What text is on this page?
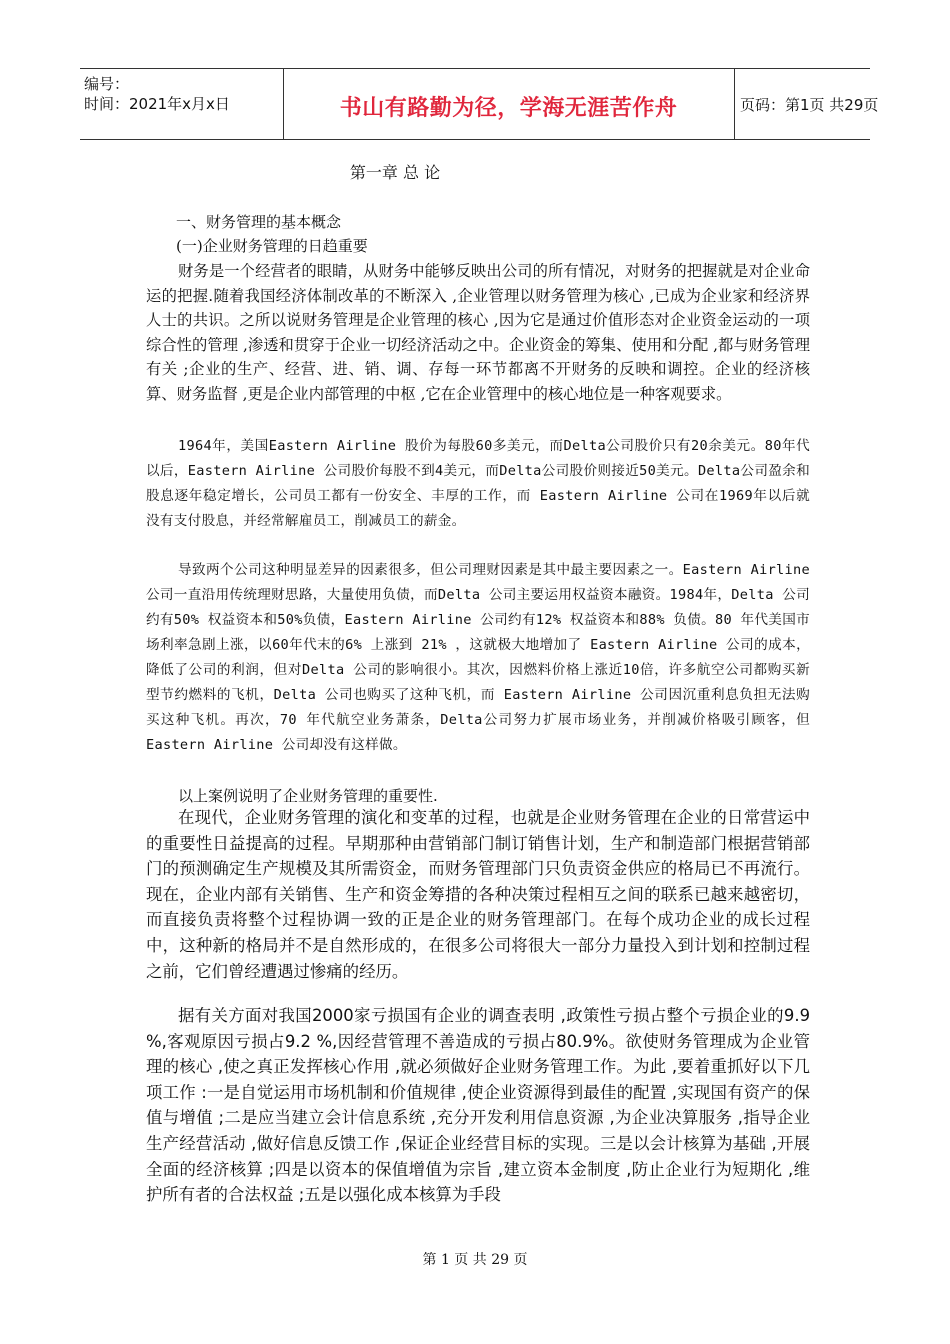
编号：
时间：2021年x月x日	书山有路勤为径，学海无涯苦作舟	页码：第1页 共29页
第一章 总 论
一、财务管理的基本概念
(一)企业财务管理的日趋重要
财务是一个经营者的眼睛，从财务中能够反映出公司的所有情况，对财务的把握就是对企业命运的把握.随着我国经济体制改革的不断深入 ,企业管理以财务管理为核心 ,已成为企业家和经济界人士的共识。之所以说财务管理是企业管理的核心 ,因为它是通过价值形态对企业资金运动的一项综合性的管理 ,渗透和贯穿于企业一切经济活动之中。企业资金的筹集、使用和分配 ,都与财务管理有关 ;企业的生产、经营、进、销、调、存每一环节都离不开财务的反映和调控。企业的经济核算、财务监督 ,更是企业内部管理的中枢 ,它在企业管理中的核心地位是一种客观要求。
1964年，美国Eastern Airline 股价为每股60多美元，而Delta公司股价只有20余美元。80年代以后，Eastern Airline 公司股价每股不到4美元，而Delta公司股价则接近50美元。Delta公司盈余和股息逐年稳定增长，公司员工都有一份安全、丰厚的工作，而 Eastern Airline 公司在1969年以后就没有支付股息，并经常解雇员工，削减员工的薪金。
导致两个公司这种明显差异的因素很多，但公司理财因素是其中最主要因素之一。Eastern Airline 公司一直沿用传统理财思路，大量使用负债，而Delta 公司主要运用权益资本融资。1984年，Delta 公司约有50% 权益资本和50%负债，Eastern Airline 公司约有12% 权益资本和88% 负债。80 年代美国市场利率急剧上涨，以60年代末的6% 上涨到 21% ，这就极大地增加了 Eastern Airline 公司的成本，降低了公司的利润，但对Delta 公司的影响很小。其次，因燃料价格上涨近10倍，许多航空公司都购买新型节约燃料的飞机，Delta 公司也购买了这种飞机，而 Eastern Airline 公司因沉重利息负担无法购买这种飞机。再次，70 年代航空业务萧条，Delta公司努力扩展市场业务，并削减价格吸引顾客，但 Eastern Airline 公司却没有这样做。
以上案例说明了企业财务管理的重要性.
在现代，企业财务管理的演化和变革的过程，也就是企业财务管理在企业的日常营运中的重要性日益提高的过程。早期那种由营销部门制订销售计划，生产和制造部门根据营销部门的预测确定生产规模及其所需资金，而财务管理部门只负责资金供应的格局已不再流行。现在，企业内部有关销售、生产和资金筹措的各种决策过程相互之间的联系已越来越密切，而直接负责将整个过程协调一致的正是企业的财务管理部门。在每个成功企业的成长过程中，这种新的格局并不是自然形成的，在很多公司将很大一部分力量投入到计划和控制过程之前，它们曾经遭遇过惨痛的经历。
据有关方面对我国2000家亏损国有企业的调查表明 ,政策性亏损占整个亏损企业的9.9 %,客观原因亏损占9.2 %,因经营管理不善造成的亏损占80.9%。欲使财务管理成为企业管理的核心 ,使之真正发挥核心作用 ,就必须做好企业财务管理工作。为此 ,要着重抓好以下几项工作 :一是自觉运用市场机制和价值规律 ,使企业资源得到最佳的配置 ,实现国有资产的保值与增值 ;二是应当建立会计信息系统 ,充分开发利用信息资源 ,为企业决算服务 ,指导企业生产经营活动 ,做好信息反馈工作 ,保证企业经营目标的实现。三是以会计核算为基础 ,开展全面的经济核算 ;四是以资本的保值增值为宗旨 ,建立资本金制度 ,防止企业行为短期化 ,维护所有者的合法权益 ;五是以强化成本核算为手段
第 1 页 共 29 页
